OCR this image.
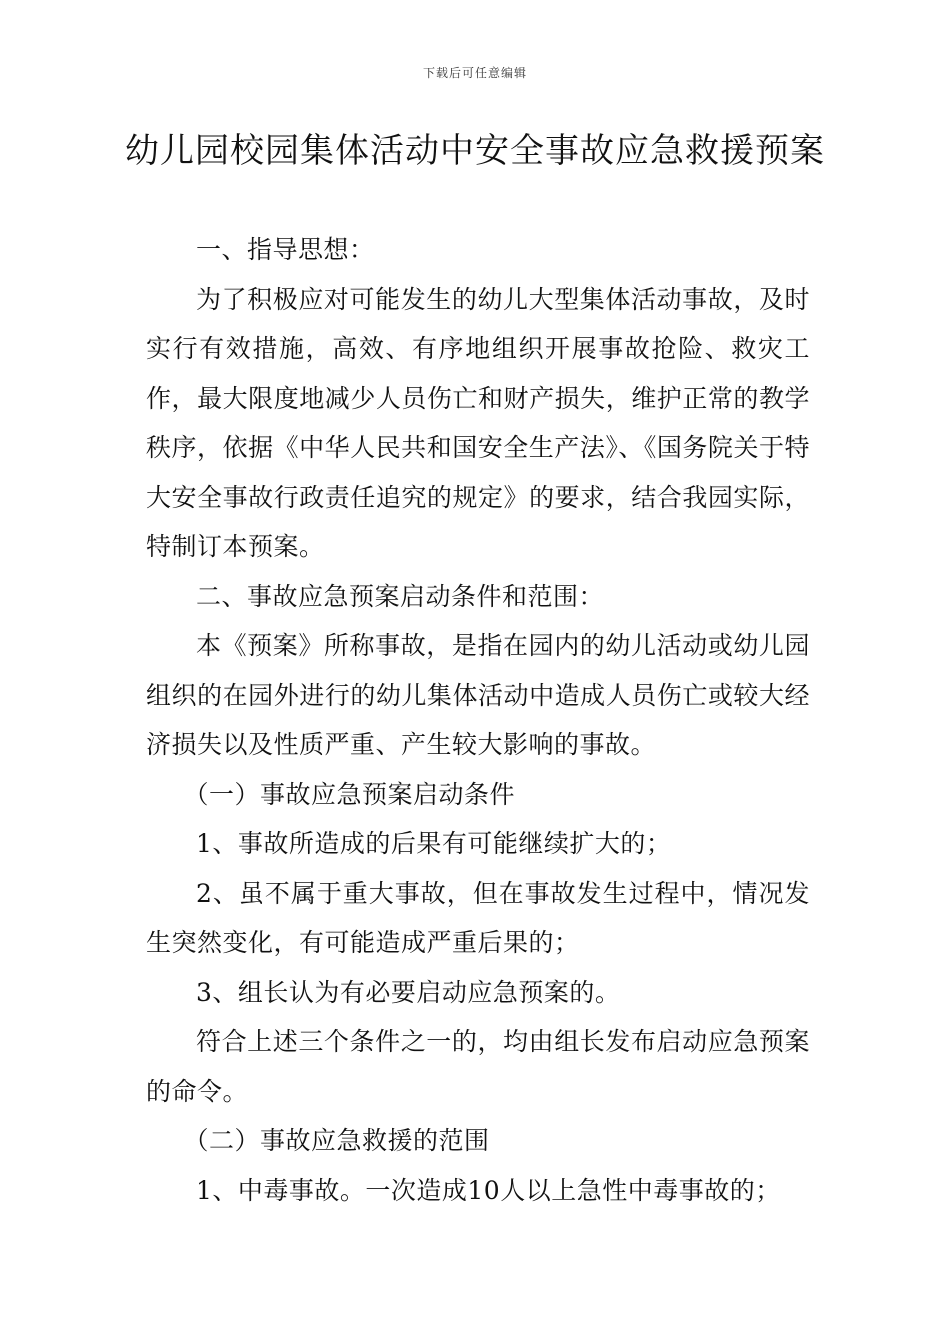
下载后可任意编辑
幼儿园校园集体活动中安全事故应急救援预案

一、指导思想：

为了积极应对可能发生的幼儿大型集体活动事故，及时实行有效措施，高效、有序地组织开展事故抢险、救灾工作，最大限度地减少人员伤亡和财产损失，维护正常的教学秩序，依据《中华人民共和国安全生产法》、《国务院关于特大安全事故行政责任追究的规定》的要求，结合我园实际，特制订本预案。

二、事故应急预案启动条件和范围：

本《预案》所称事故，是指在园内的幼儿活动或幼儿园组织的在园外进行的幼儿集体活动中造成人员伤亡或较大经济损失以及性质严重、产生较大影响的事故。

（一）事故应急预案启动条件

1、事故所造成的后果有可能继续扩大的；

2、虽不属于重大事故，但在事故发生过程中，情况发生突然变化，有可能造成严重后果的；

3、组长认为有必要启动应急预案的。

符合上述三个条件之一的，均由组长发布启动应急预案的命令。

（二）事故应急救援的范围

1、中毒事故。一次造成10人以上急性中毒事故的；
